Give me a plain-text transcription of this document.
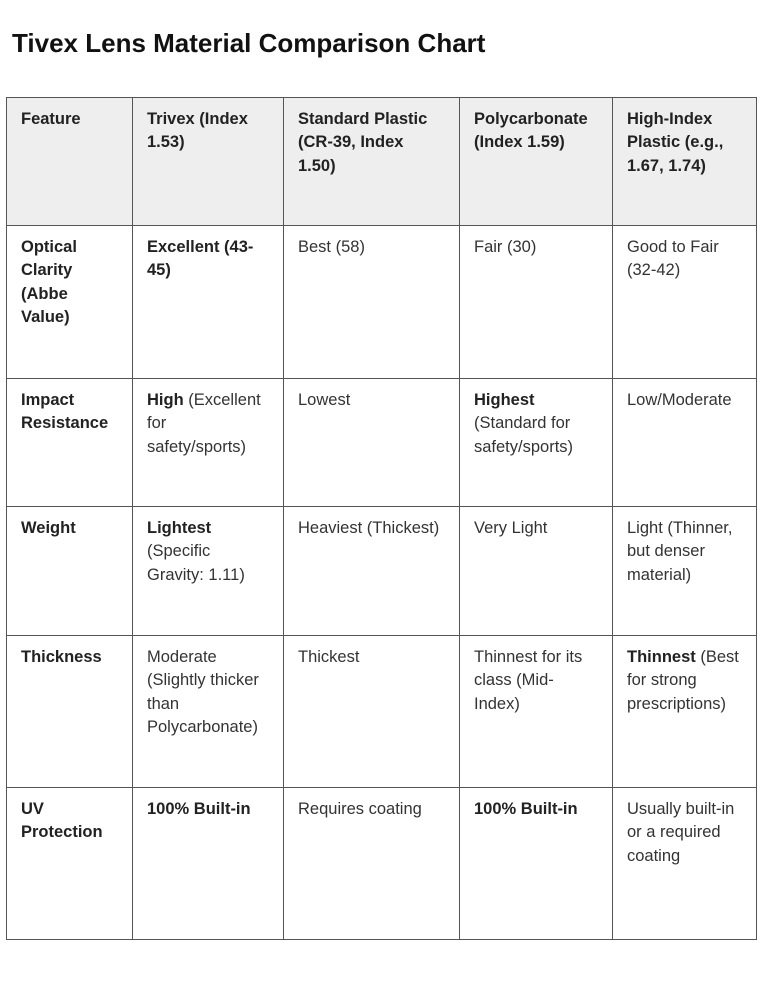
Tivex Lens Material Comparison Chart
Feature	Trivex (Index 1.53)	Standard Plastic (CR-39, Index 1.50)	Polycarbonate (Index 1.59)	High-Index Plastic (e.g., 1.67, 1.74)
Optical Clarity (Abbe Value)	Excellent (43-45)	Best (58)	Fair (30)	Good to Fair (32-42)
Impact Resistance	High (Excellent for safety/sports)	Lowest	Highest (Standard for safety/sports)	Low/Moderate
Weight	Lightest (Specific Gravity: 1.11)	Heaviest (Thickest)	Very Light	Light (Thinner, but denser material)
Thickness	Moderate (Slightly thicker than Polycarbonate)	Thickest	Thinnest for its class (Mid-Index)	Thinnest (Best for strong prescriptions)
UV Protection	100% Built-in	Requires coating	100% Built-in	Usually built-in or a required coating
